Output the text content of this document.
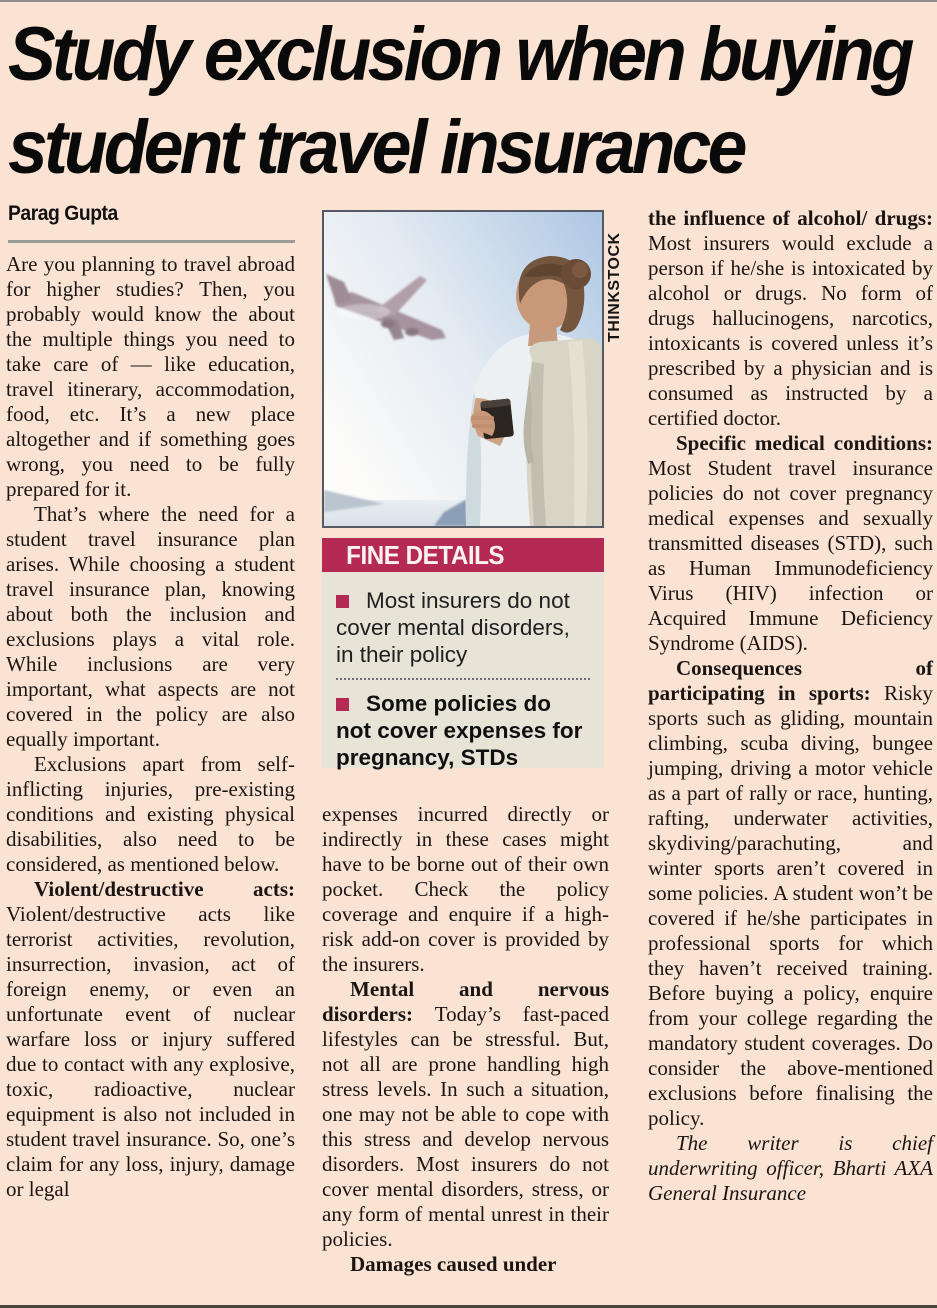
Study exclusion when buying
student travel insurance
Parag Gupta

Are you planning to travel abroad for higher studies? Then, you probably would know the about the multiple things you need to take care of — like education, travel itinerary, accommodation, food, etc. It’s a new place altogether and if something goes wrong, you need to be fully prepared for it.

That’s where the need for a student travel insurance plan arises. While choosing a student travel insurance plan, knowing about both the inclusion and exclusions plays a vital role. While inclusions are very important, what aspects are not covered in the policy are also equally important.

Exclusions apart from self-inflicting injuries, pre-existing conditions and existing physical disabilities, also need to be considered, as mentioned below.

Violent/destructive acts: Violent/destructive acts like terrorist activities, revolution, insurrection, invasion, act of foreign enemy, or even an unfortunate event of nuclear warfare loss or injury suffered due to contact with any explosive, toxic, radioactive, nuclear equipment is also not included in student travel insurance. So, one’s claim for any loss, injury, damage or legal

THINKSTOCK
FINE DETAILS

Most insurers do not cover mental disorders, in their policy

Some policies do not cover expenses for pregnancy, STDs

expenses incurred directly or indirectly in these cases might have to be borne out of their own pocket. Check the policy coverage and enquire if a high-risk add-on cover is provided by the insurers.

Mental and nervous disorders: Today’s fast-paced lifestyles can be stressful. But, not all are prone handling high stress levels. In such a situation, one may not be able to cope with this stress and develop nervous disorders. Most insurers do not cover mental disorders, stress, or any form of mental unrest in their policies.

Damages caused under

the influence of alcohol/ drugs: Most insurers would exclude a person if he/she is intoxicated by alcohol or drugs. No form of drugs hallucinogens, narcotics, intoxicants is covered unless it’s prescribed by a physician and is consumed as instructed by a certified doctor.

Specific medical conditions: Most Student travel insurance policies do not cover pregnancy medical expenses and sexually transmitted diseases (STD), such as Human Immunodeficiency Virus (HIV) infection or Acquired Immune Deficiency Syndrome (AIDS).

Consequences of participating in sports: Risky sports such as gliding, mountain climbing, scuba diving, bungee jumping, driving a motor vehicle as a part of rally or race, hunting, rafting, underwater activities, skydiving/parachuting, and winter sports aren’t covered in some policies. A student won’t be covered if he/she participates in professional sports for which they haven’t received training. Before buying a policy, enquire from your college regarding the mandatory student coverages. Do consider the above-mentioned exclusions before finalising the policy.

The writer is chief underwriting officer, Bharti AXA General Insurance
